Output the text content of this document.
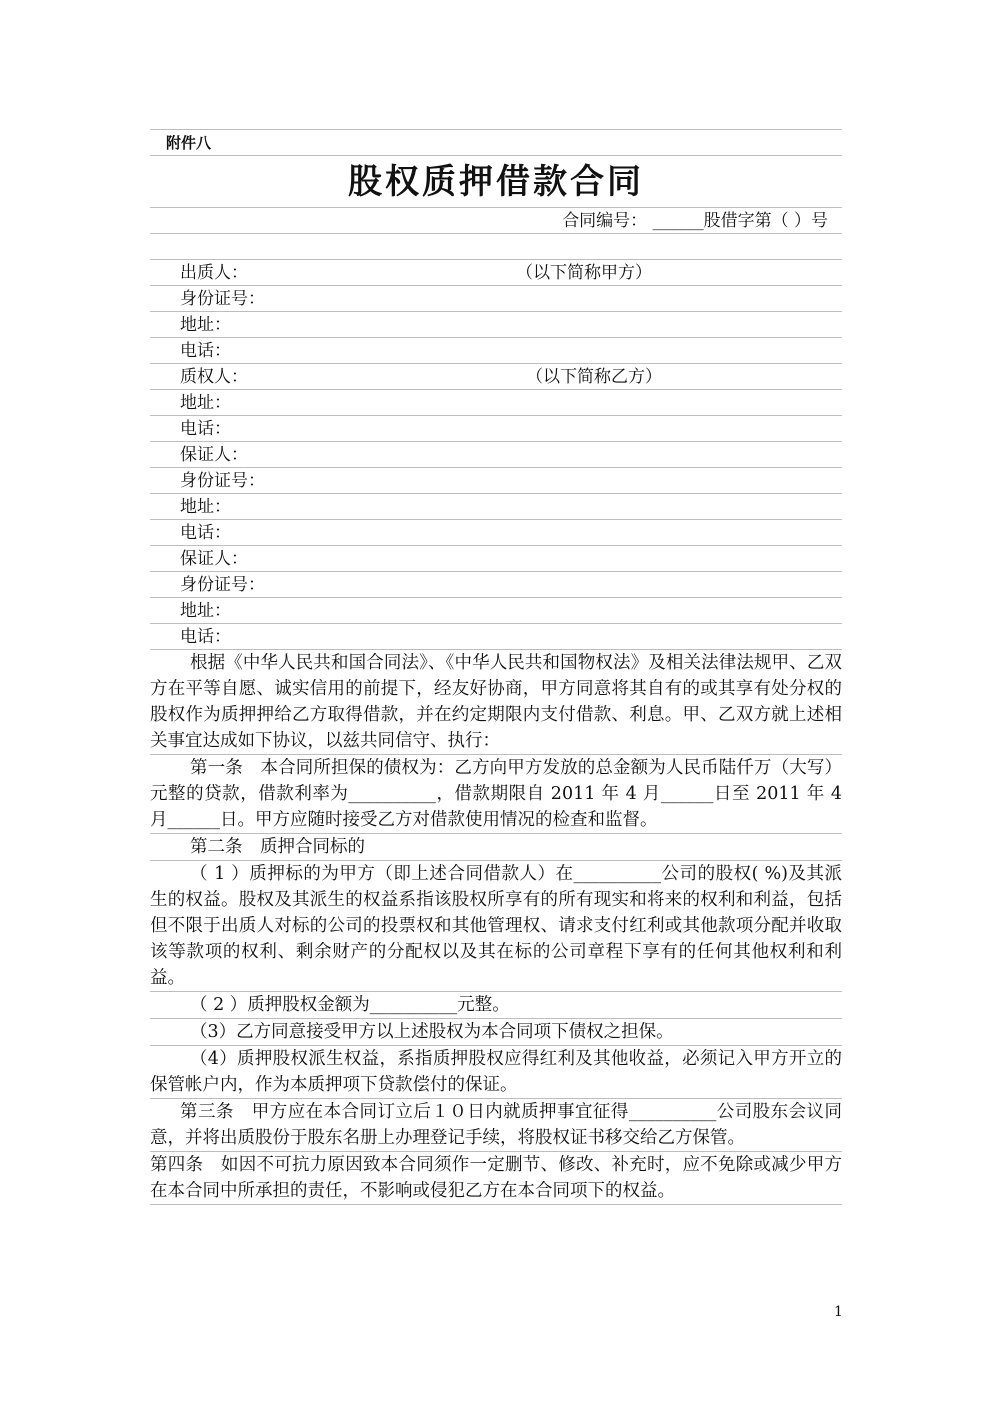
附件八
股权质押借款合同
合同编号： ______股借字第（ ）号
出质人：	（以下简称甲方）
身份证号：
地址：
电话：
质权人：	（以下简称乙方）
地址：
电话：
保证人：
身份证号：
地址：
电话：
保证人：
身份证号：
地址：
电话：
根据《中华人民共和国合同法》、《中华人民共和国物权法》及相关法律法规甲、乙双方在平等自愿、诚实信用的前提下，经友好协商，甲方同意将其自有的或其享有处分权的股权作为质押押给乙方取得借款，并在约定期限内支付借款、利息。甲、乙双方就上述相关事宜达成如下协议，以兹共同信守、执行：
第一条　本合同所担保的债权为：乙方向甲方发放的总金额为人民币陆仟万（大写）元整的贷款，借款利率为__________，借款期限自 2011 年 4 月______日至 2011 年 4 月______日。甲方应随时接受乙方对借款使用情况的检查和监督。
第二条　质押合同标的
（ 1 ）质押标的为甲方（即上述合同借款人）在__________公司的股权( %)及其派生的权益。股权及其派生的权益系指该股权所享有的所有现实和将来的权利和利益，包括但不限于出质人对标的公司的投票权和其他管理权、请求支付红利或其他款项分配并收取该等款项的权利、剩余财产的分配权以及其在标的公司章程下享有的任何其他权利和利益。
（ 2 ）质押股权金额为__________元整。
（3）乙方同意接受甲方以上述股权为本合同项下债权之担保。
（4）质押股权派生权益，系指质押股权应得红利及其他收益，必须记入甲方开立的保管帐户内，作为本质押项下贷款偿付的保证。
第三条　甲方应在本合同订立后１０日内就质押事宜征得__________公司股东会议同意，并将出质股份于股东名册上办理登记手续，将股权证书移交给乙方保管。
第四条　如因不可抗力原因致本合同须作一定删节、修改、补充时，应不免除或减少甲方在本合同中所承担的责任，不影响或侵犯乙方在本合同项下的权益。
1
